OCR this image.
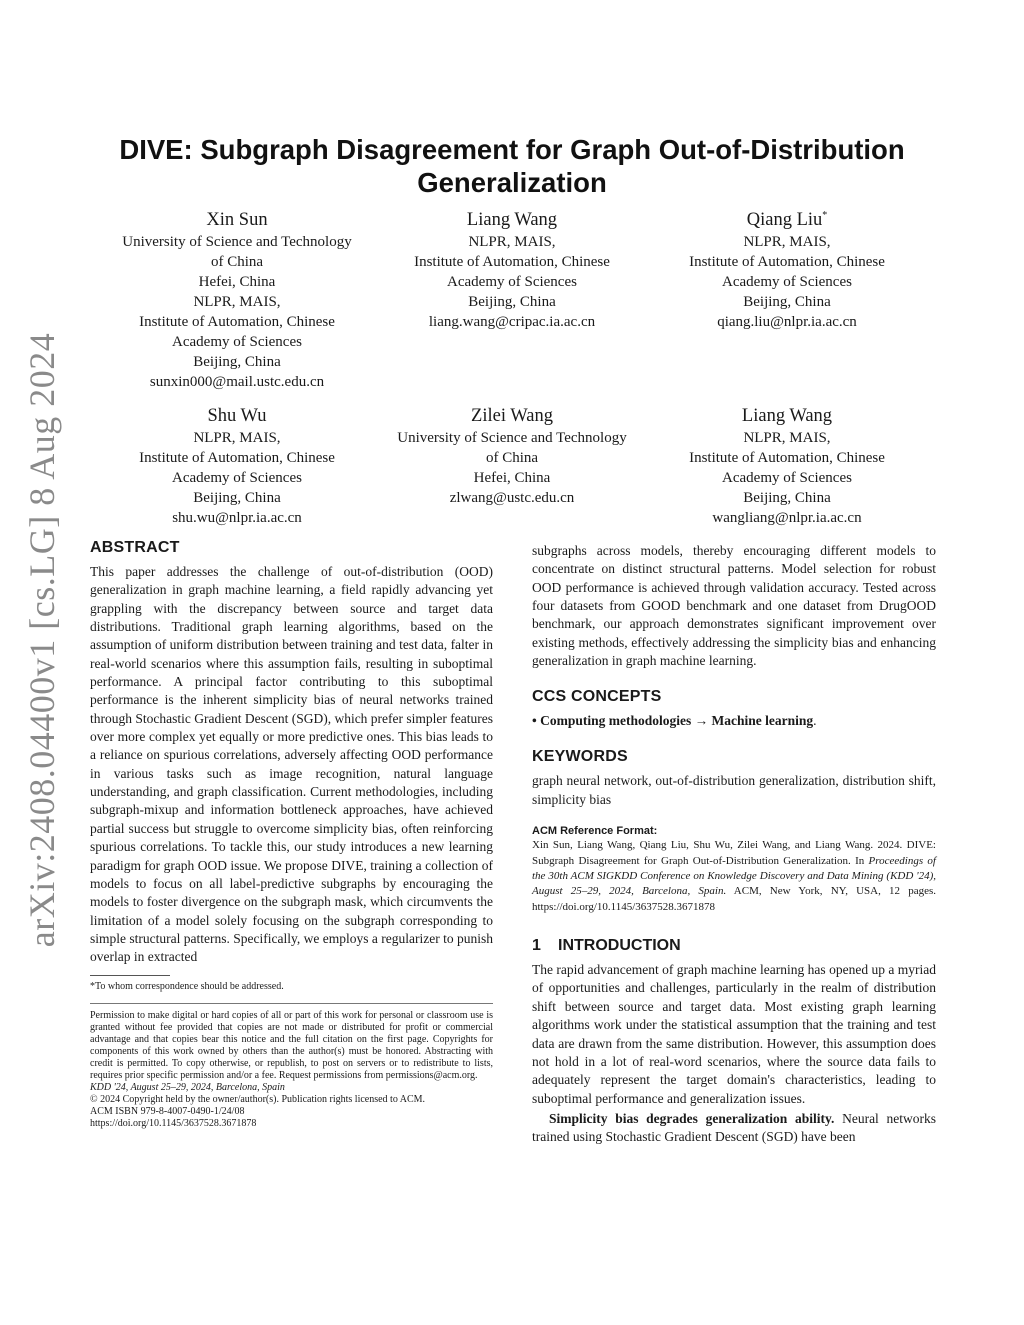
arXiv:2408.04400v1 [cs.LG] 8 Aug 2024
DIVE: Subgraph Disagreement for Graph Out-of-Distribution
Generalization
Xin Sun
University of Science and Technology
of China
Hefei, China
NLPR, MAIS,
Institute of Automation, Chinese
Academy of Sciences
Beijing, China
sunxin000@mail.ustc.edu.cn
Liang Wang
NLPR, MAIS,
Institute of Automation, Chinese
Academy of Sciences
Beijing, China
liang.wang@cripac.ia.ac.cn
Qiang Liu*
NLPR, MAIS,
Institute of Automation, Chinese
Academy of Sciences
Beijing, China
qiang.liu@nlpr.ia.ac.cn
Shu Wu
NLPR, MAIS,
Institute of Automation, Chinese
Academy of Sciences
Beijing, China
shu.wu@nlpr.ia.ac.cn
Zilei Wang
University of Science and Technology
of China
Hefei, China
zlwang@ustc.edu.cn
Liang Wang
NLPR, MAIS,
Institute of Automation, Chinese
Academy of Sciences
Beijing, China
wangliang@nlpr.ia.ac.cn
ABSTRACT

This paper addresses the challenge of out-of-distribution (OOD) generalization in graph machine learning, a field rapidly advancing yet grappling with the discrepancy between source and target data distributions. Traditional graph learning algorithms, based on the assumption of uniform distribution between training and test data, falter in real-world scenarios where this assumption fails, resulting in suboptimal performance. A principal factor contributing to this suboptimal performance is the inherent simplicity bias of neural networks trained through Stochastic Gradient Descent (SGD), which prefer simpler features over more complex yet equally or more predictive ones. This bias leads to a reliance on spurious correlations, adversely affecting OOD performance in various tasks such as image recognition, natural language understanding, and graph classification. Current methodologies, including subgraph-mixup and information bottleneck approaches, have achieved partial success but struggle to overcome simplicity bias, often reinforcing spurious correlations. To tackle this, our study introduces a new learning paradigm for graph OOD issue. We propose DIVE, training a collection of models to focus on all label-predictive subgraphs by encouraging the models to foster divergence on the subgraph mask, which circumvents the limitation of a model solely focusing on the subgraph corresponding to simple structural patterns. Specifically, we employs a regularizer to punish overlap in extracted

*To whom correspondence should be addressed.
Permission to make digital or hard copies of all or part of this work for personal or classroom use is granted without fee provided that copies are not made or distributed for profit or commercial advantage and that copies bear this notice and the full citation on the first page. Copyrights for components of this work owned by others than the author(s) must be honored. Abstracting with credit is permitted. To copy otherwise, or republish, to post on servers or to redistribute to lists, requires prior specific permission and/or a fee. Request permissions from permissions@acm.org.
KDD '24, August 25–29, 2024, Barcelona, Spain
© 2024 Copyright held by the owner/author(s). Publication rights licensed to ACM.
ACM ISBN 979-8-4007-0490-1/24/08
https://doi.org/10.1145/3637528.3671878

subgraphs across models, thereby encouraging different models to concentrate on distinct structural patterns. Model selection for robust OOD performance is achieved through validation accuracy. Tested across four datasets from GOOD benchmark and one dataset from DrugOOD benchmark, our approach demonstrates significant improvement over existing methods, effectively addressing the simplicity bias and enhancing generalization in graph machine learning.

CCS CONCEPTS
• Computing methodologies → Machine learning.
KEYWORDS

graph neural network, out-of-distribution generalization, distribution shift, simplicity bias

ACM Reference Format:
Xin Sun, Liang Wang, Qiang Liu, Shu Wu, Zilei Wang, and Liang Wang. 2024. DIVE: Subgraph Disagreement for Graph Out-of-Distribution Generalization. In Proceedings of the 30th ACM SIGKDD Conference on Knowledge Discovery and Data Mining (KDD '24), August 25–29, 2024, Barcelona, Spain. ACM, New York, NY, USA, 12 pages. https://doi.org/10.1145/3637528.3671878
1 INTRODUCTION

The rapid advancement of graph machine learning has opened up a myriad of opportunities and challenges, particularly in the realm of distribution shift between source and target data. Most existing graph learning algorithms work under the statistical assumption that the training and test data are drawn from the same distribution. However, this assumption does not hold in a lot of real-word scenarios, where the source data fails to adequately represent the target domain's characteristics, leading to suboptimal performance and generalization issues.

Simplicity bias degrades generalization ability. Neural networks trained using Stochastic Gradient Descent (SGD) have been
